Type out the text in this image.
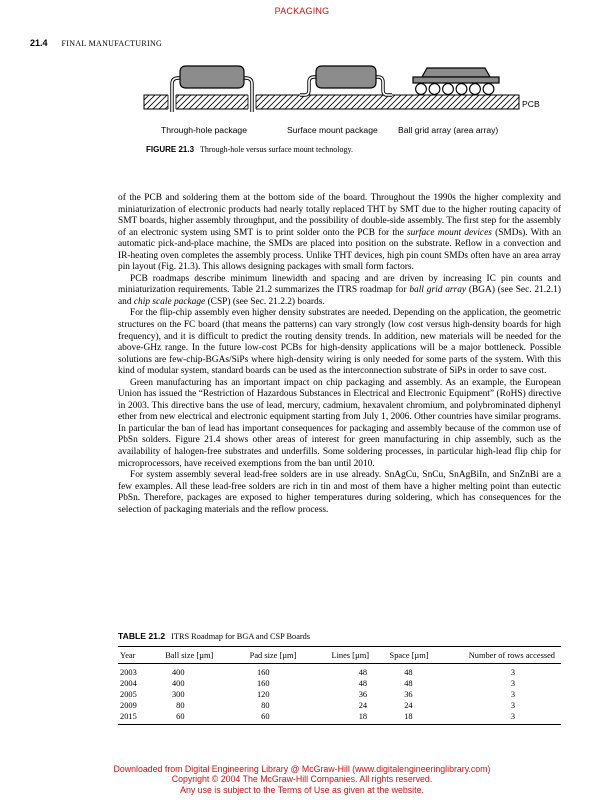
PACKAGING
21.4 FINAL MANUFACTURING
PCB
Through-hole package	Surface mount package Ball grid array (area array)
FIGURE 21.3 Through-hole versus surface mount technology.

of the PCB and soldering them at the bottom side of the board. Throughout the 1990s the higher complexity and miniaturization of electronic products had nearly totally replaced THT by SMT due to the higher routing capacity of SMT boards, higher assembly throughput, and the possibility of double-side assembly. The first step for the assembly of an electronic system using SMT is to print solder onto the PCB for the surface mount devices (SMDs). With an automatic pick-and-place machine, the SMDs are placed into position on the substrate. Reflow in a convection and IR-heating oven completes the assembly process. Unlike THT devices, high pin count SMDs often have an area array pin layout (Fig. 21.3). This allows designing packages with small form factors.

PCB roadmaps describe minimum linewidth and spacing and are driven by increasing IC pin counts and miniaturization requirements. Table 21.2 summarizes the ITRS roadmap for ball grid array (BGA) (see Sec. 21.2.1) and chip scale package (CSP) (see Sec. 21.2.2) boards.

For the flip-chip assembly even higher density substrates are needed. Depending on the application, the geometric structures on the FC board (that means the patterns) can vary strongly (low cost versus high-density boards for high frequency), and it is difficult to predict the routing density trends. In addition, new materials will be needed for the above-GHz range. In the future low-cost PCBs for high-density applications will be a major bottleneck. Possible solutions are few-chip-BGAs/SiPs where high-density wiring is only needed for some parts of the system. With this kind of modular system, standard boards can be used as the interconnection substrate of SiPs in order to save cost.

Green manufacturing has an important impact on chip packaging and assembly. As an example, the European Union has issued the “Restriction of Hazardous Substances in Electrical and Electronic Equipment” (RoHS) directive in 2003. This directive bans the use of lead, mercury, cadmium, hexavalent chromium, and polybrominated diphenyl ether from new electrical and electronic equipment starting from July 1, 2006. Other countries have similar programs. In particular the ban of lead has important consequences for packaging and assembly because of the common use of PbSn solders. Figure 21.4 shows other areas of interest for green manufacturing in chip assembly, such as the availability of halogen-free substrates and underfills. Some soldering processes, in particular high-lead flip chip for microprocessors, have received exemptions from the ban until 2010.

For system assembly several lead-free solders are in use already. SnAgCu, SnCu, SnAgBiIn, and SnZnBi are a few examples. All these lead-free solders are rich in tin and most of them have a higher melting point than eutectic PbSn. Therefore, packages are exposed to higher temperatures during soldering, which has consequences for the selection of packaging materials and the reflow process.

TABLE 21.2 ITRS Roadmap for BGA and CSP Boards
Year	Ball size [µm]	Pad size [µm]	Lines [µm]	Space [µm]	Number of rows accessed
2003	400	160	48	48	3
2004	400	160	48	48	3
2005	300	120	36	36	3
2009	80	80	24	24	3
2015	60	60	18	18	3
Downloaded from Digital Engineering Library @ McGraw-Hill (www.digitalengineeringlibrary.com)
Copyright © 2004 The McGraw-Hill Companies. All rights reserved.
Any use is subject to the Terms of Use as given at the website.
